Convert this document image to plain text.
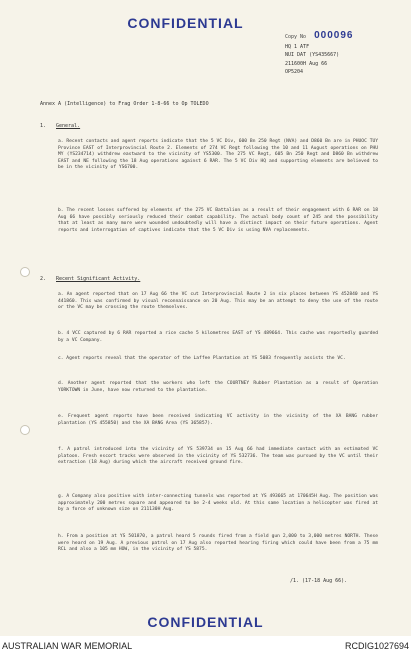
CONFIDENTIAL
Copy No 000096
HQ 1 ATF
NUI DAT (YS435667)
211600H Aug 66
OP5204
Annex A (Intelligence) to Frag Order 1-8-66 to Op TOLEDO
1. General.
a. Recent contacts and agent reports indicate that the 5 VC Div, 600 Bn 250 Regt (NVA) and D860 Bn are in PHUOC TUY Province EAST of Interprovincial Route 2. Elements of 274 VC Regt following the 10 and 11 August operations on PHU MY (YS234714) withdrew eastward to the vicinity of YS5300. The 275 VC Regt, 605 Bn 250 Regt and D860 Bn withdrew EAST and NE following the 18 Aug operations against 6 RAR. The 5 VC Div HQ and supporting elements are believed to be in the vicinity of YS6700.
b. The recent losses suffered by elements of the 275 VC Battalion as a result of their engagement with 6 RAR on 18 Aug 66 have possibly seriously reduced their combat capability. The actual body count of 245 and the possibility that at least as many more were wounded undoubtedly will have a distinct impact on their future operations. Agent reports and interrogation of captives indicate that the 5 VC Div is using NVA replacements.
2. Recent Significant Activity.
a. An agent reported that on 17 Aug 66 the VC cut Interprovincial Route 2 in six places between YS 452840 and YS 441860. This was confirmed by visual reconnaissance on 20 Aug. This may be an attempt to deny the use of the route or the VC may be crossing the route themselves.
b. 4 VCC captured by 6 RAR reported a rice cache 5 kilometres EAST of YS 489664. This cache was reportedly guarded by a VC Company.
c. Agent reports reveal that the operator of the Laffee Plantation at YS 5083 frequently assists the VC.
d. Another agent reported that the workers who left the COURTNEY Rubber Plantation as a result of Operation YORKTOWN in June, have now returned to the plantation.
e. Frequent agent reports have been received indicating VC activity in the vicinity of the XA BANG rubber plantation (YS 455850) and the XA BANG Area (YS 365857).
f. A patrol introduced into the vicinity of YS 539734 on 15 Aug 66 had immediate contact with an estimated VC platoon. Fresh escort tracks were observed in the vicinity of YS 532736. The team was pursued by the VC until their extraction (18 Aug) during which the aircraft received ground fire.
g. A Company also positive with inter-connecting tunnels was reported at YS 493665 at 170645H Aug. The position was approximately 200 metres square and appeared to be 2-4 weeks old. At this same location a helicopter was fired at by a force of unknown size on 211130H Aug.
h. From a position at YS 501870, a patrol heard 5 rounds fired from a field gun 2,000 to 3,000 metres NORTH. These were heard on 19 Aug. A previous patrol on 17 Aug also reported hearing firing which could have been from a 75 mm RCL and also a 105 mm HOW, in the vicinity of YS 5875.
/1. (17-18 Aug 66).
CONFIDENTIAL
AUSTRALIAN WAR MEMORIAL	RCDIG1027694
